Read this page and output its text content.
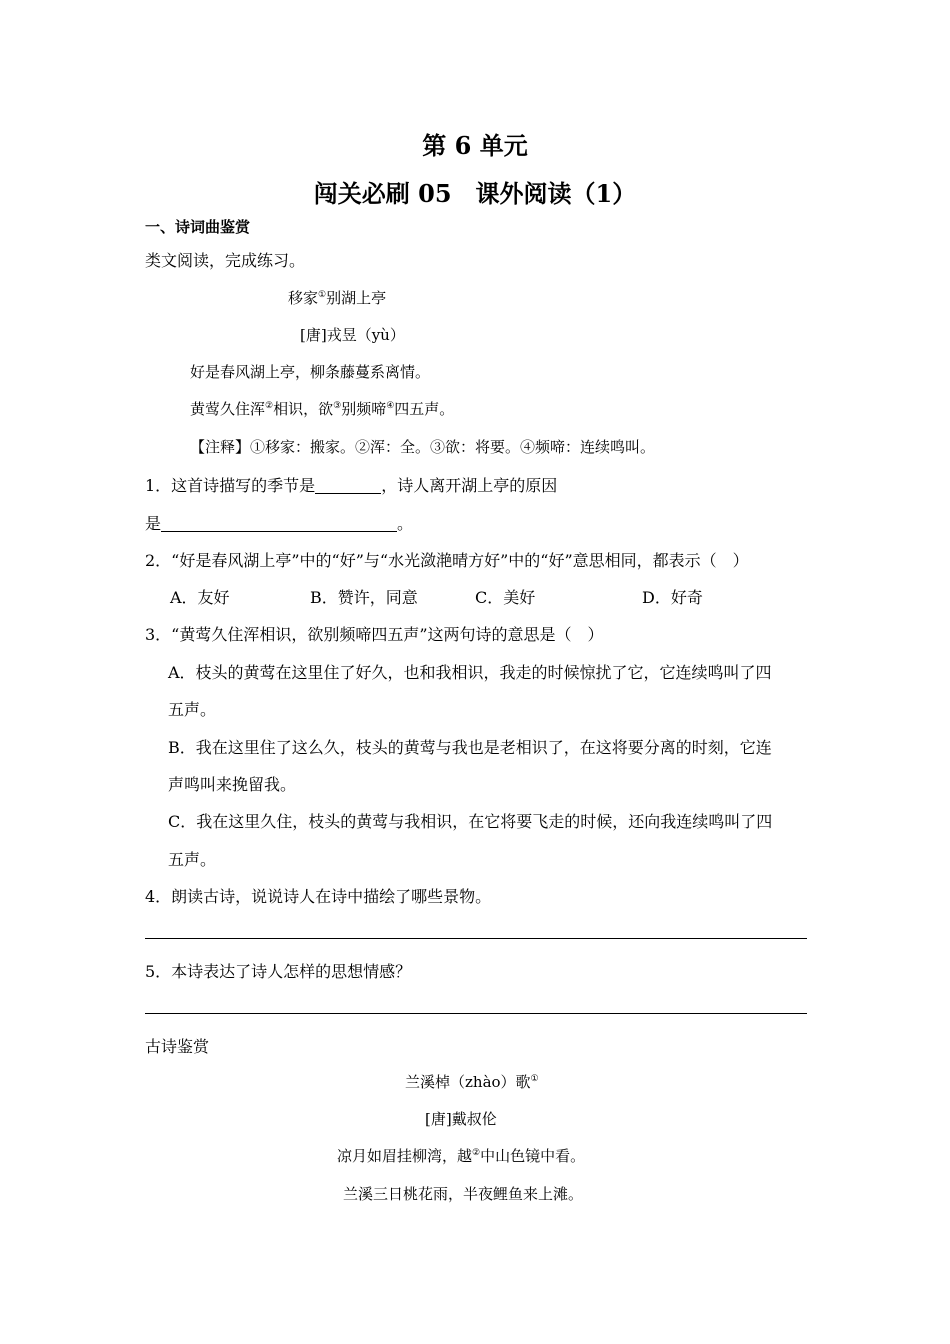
第 6 单元
闯关必刷 05　课外阅读（1）
一、诗词曲鉴赏
类文阅读，完成练习。
移家①别湖上亭
[唐]戎昱（yù）
好是春风湖上亭，柳条藤蔓系离情。
黄莺久住浑②相识，欲③别频啼④四五声。
【注释】①移家：搬家。②浑：全。③欲：将要。④频啼：连续鸣叫。
1．这首诗描写的季节是	，诗人离开湖上亭的原因
是	。
2．“好是春风湖上亭”中的“好”与“水光潋滟晴方好”中的“好”意思相同，都表示（　）
A．友好	B．赞许，同意	C．美好	D．好奇
3．“黄莺久住浑相识，欲别频啼四五声”这两句诗的意思是（　）
A．枝头的黄莺在这里住了好久，也和我相识，我走的时候惊扰了它，它连续鸣叫了四
五声。
B．我在这里住了这么久，枝头的黄莺与我也是老相识了，在这将要分离的时刻，它连
声鸣叫来挽留我。
C．我在这里久住，枝头的黄莺与我相识，在它将要飞走的时候，还向我连续鸣叫了四
五声。
4．朗读古诗，说说诗人在诗中描绘了哪些景物。
5．本诗表达了诗人怎样的思想情感？
古诗鉴赏
兰溪棹（zhào）歌①
[唐]戴叔伦
凉月如眉挂柳湾，越②中山色镜中看。
兰溪三日桃花雨，半夜鲤鱼来上滩。
